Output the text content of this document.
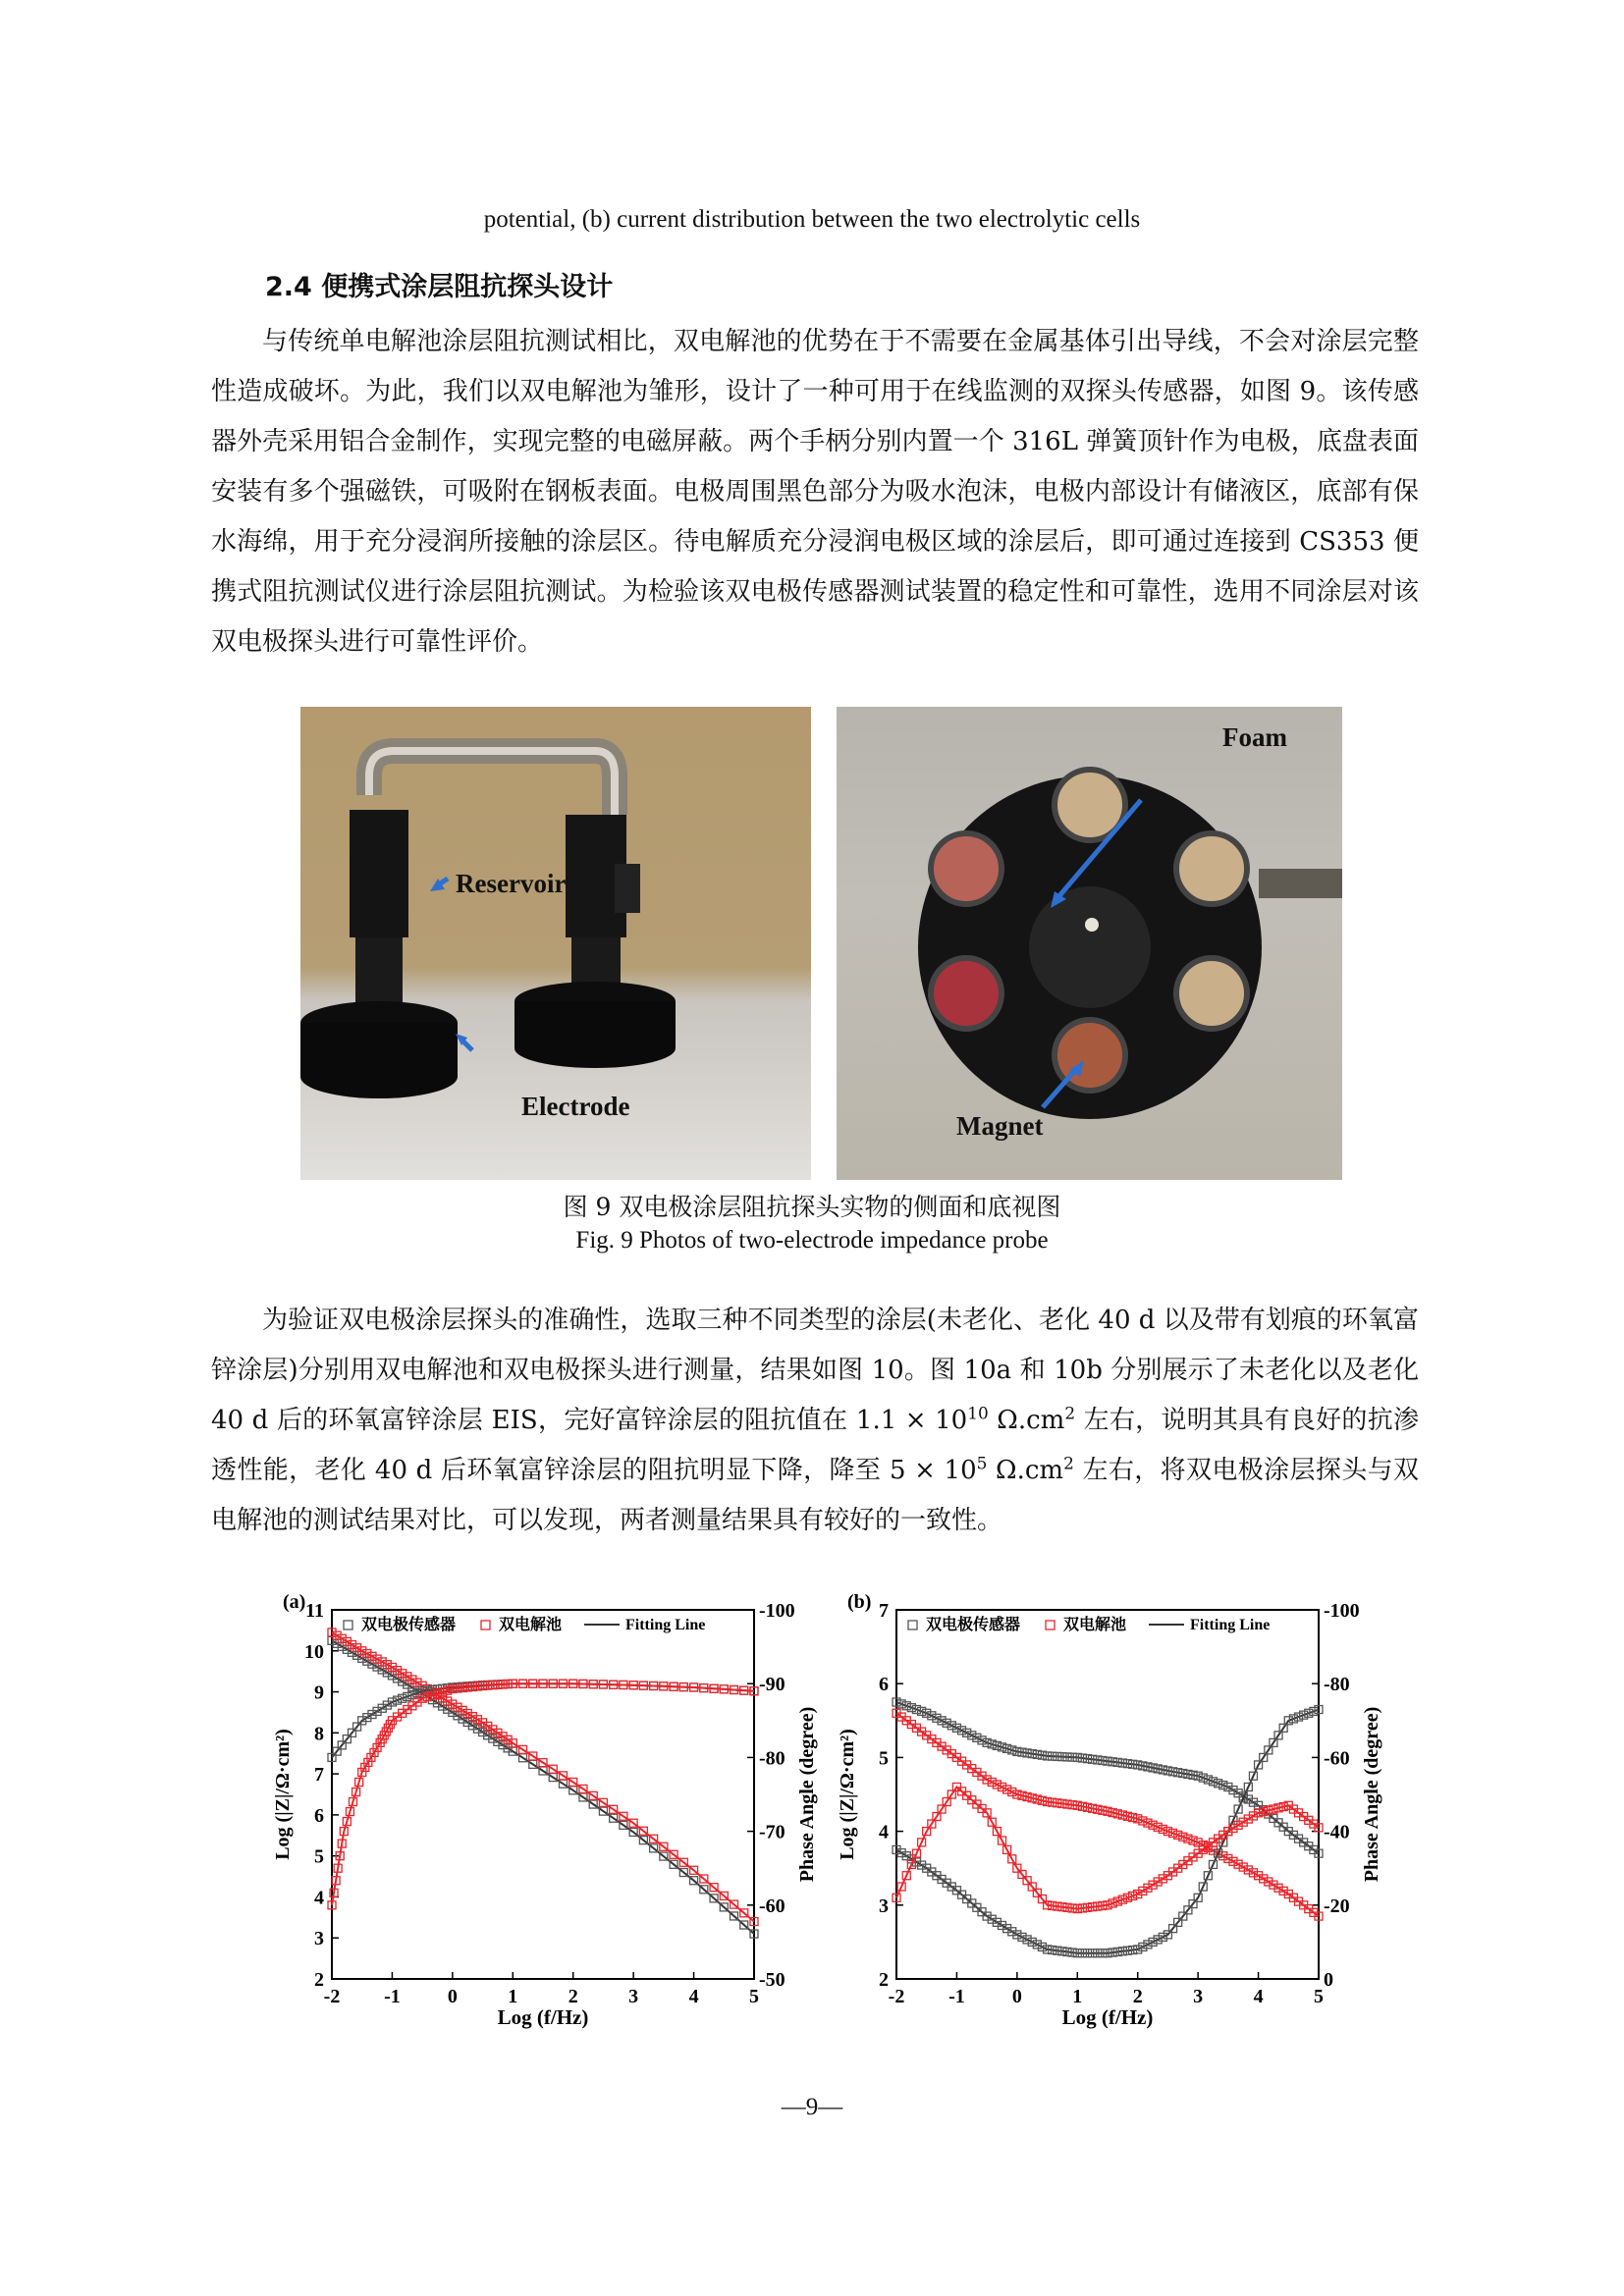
potential, (b) current distribution between the two electrolytic cells
2.4 便携式涂层阻抗探头设计

与传统单电解池涂层阻抗测试相比，双电解池的优势在于不需要在金属基体引出导线，不会对涂层完整性造成破坏。为此，我们以双电解池为雏形，设计了一种可用于在线监测的双探头传感器，如图 9。该传感器外壳采用铝合金制作，实现完整的电磁屏蔽。两个手柄分别内置一个 316L 弹簧顶针作为电极，底盘表面安装有多个强磁铁，可吸附在钢板表面。电极周围黑色部分为吸水泡沫，电极内部设计有储液区，底部有保水海绵，用于充分浸润所接触的涂层区。待电解质充分浸润电极区域的涂层后，即可通过连接到 CS353 便携式阻抗测试仪进行涂层阻抗测试。为检验该双电极传感器测试装置的稳定性和可靠性，选用不同涂层对该双电极探头进行可靠性评价。

Reservoir
Electrode
Foam
Magnet
图 9 双电极涂层阻抗探头实物的侧面和底视图
Fig. 9 Photos of two-electrode impedance probe

为验证双电极涂层探头的准确性，选取三种不同类型的涂层(未老化、老化 40 d 以及带有划痕的环氧富锌涂层)分别用双电解池和双电极探头进行测量，结果如图 10。图 10a 和 10b 分别展示了未老化以及老化 40 d 后的环氧富锌涂层 EIS，完好富锌涂层的阻抗值在 $1.1 \times 10^{10}$ $\Omega.cm^2$ 左右，说明其具有良好的抗渗透性能，老化 40 d 后环氧富锌涂层的阻抗明显下降，降至 $5 \times 10^5$ $\Omega.cm^2$ 左右，将双电极涂层探头与双电解池的测试结果对比，可以发现，两者测量结果具有较好的一致性。

-2 -1 0	1	2	3	4	5
2
3
4
5
6
7
8
9
10
11
-50
-60
-70
-80
-90
-100
Log (f/Hz)
Log (|Z|/Ω·cm²)	Phase Angle (degree)
(a)
双电极传感器	双电解池	Fitting Line
-2 -1 0	1	2	3	4	5
2
3
4
5
6
7
0
-20
-40
-60
-80
-100
Log (f/Hz)
Log (|Z|/Ω·cm²)	Phase Angle (degree)
(b)
双电极传感器	双电解池	Fitting Line
—9—
